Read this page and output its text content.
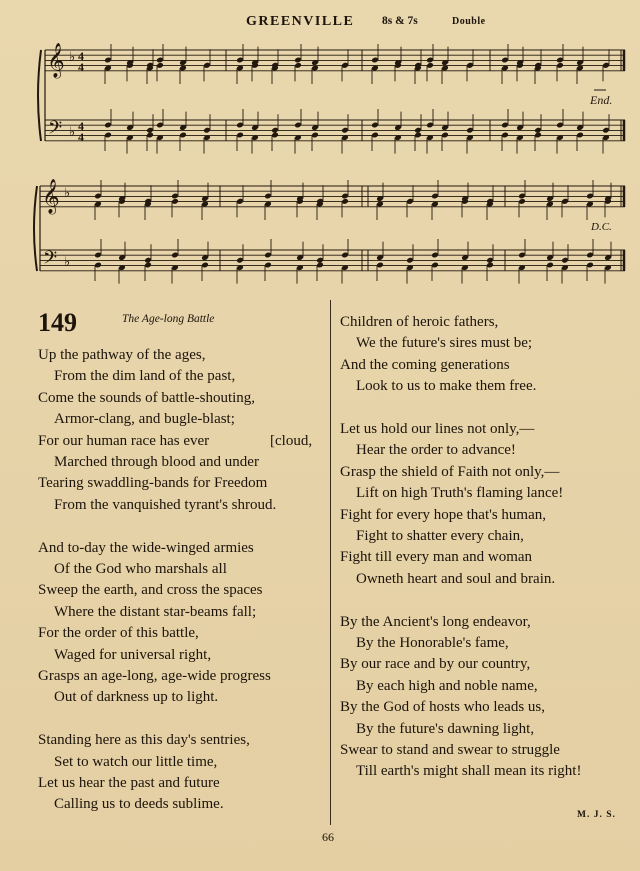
GREENVILLE 8s & 7s	Double
𝄞
𝄢
♭
♭
4
4
4
4
End.
𝄞
𝄢
♭
♭
D.C.
149	The Age-long Battle
Up the pathway of the ages,
From the dim land of the past,
Come the sounds of battle-shouting,
Armor-clang, and bugle-blast;
For our human race has ever
Marched through blood and under
Tearing swaddling-bands for Freedom
From the vanquished tyrant's shroud.
And to-day the wide-winged armies
Of the God who marshals all
Sweep the earth, and cross the spaces
Where the distant star-beams fall;
For the order of this battle,
Waged for universal right,
Grasps an age-long, age-wide progress
Out of darkness up to light.
Standing here as this day's sentries,
Set to watch our little time,
Let us hear the past and future
Calling us to deeds sublime.
Children of heroic fathers,
We the future's sires must be;
And the coming generations
Look to us to make them free.
Let us hold our lines not only,—
Hear the order to advance!
Grasp the shield of Faith not only,—
Lift on high Truth's flaming lance!
Fight for every hope that's human,
Fight to shatter every chain,
Fight till every man and woman
Owneth heart and soul and brain.
By the Ancient's long endeavor,
By the Honorable's fame,
By our race and by our country,
By each high and noble name,
By the God of hosts who leads us,
By the future's dawning light,
Swear to stand and swear to struggle
Till earth's might shall mean its right!
[cloud,
M. J. S.
66
